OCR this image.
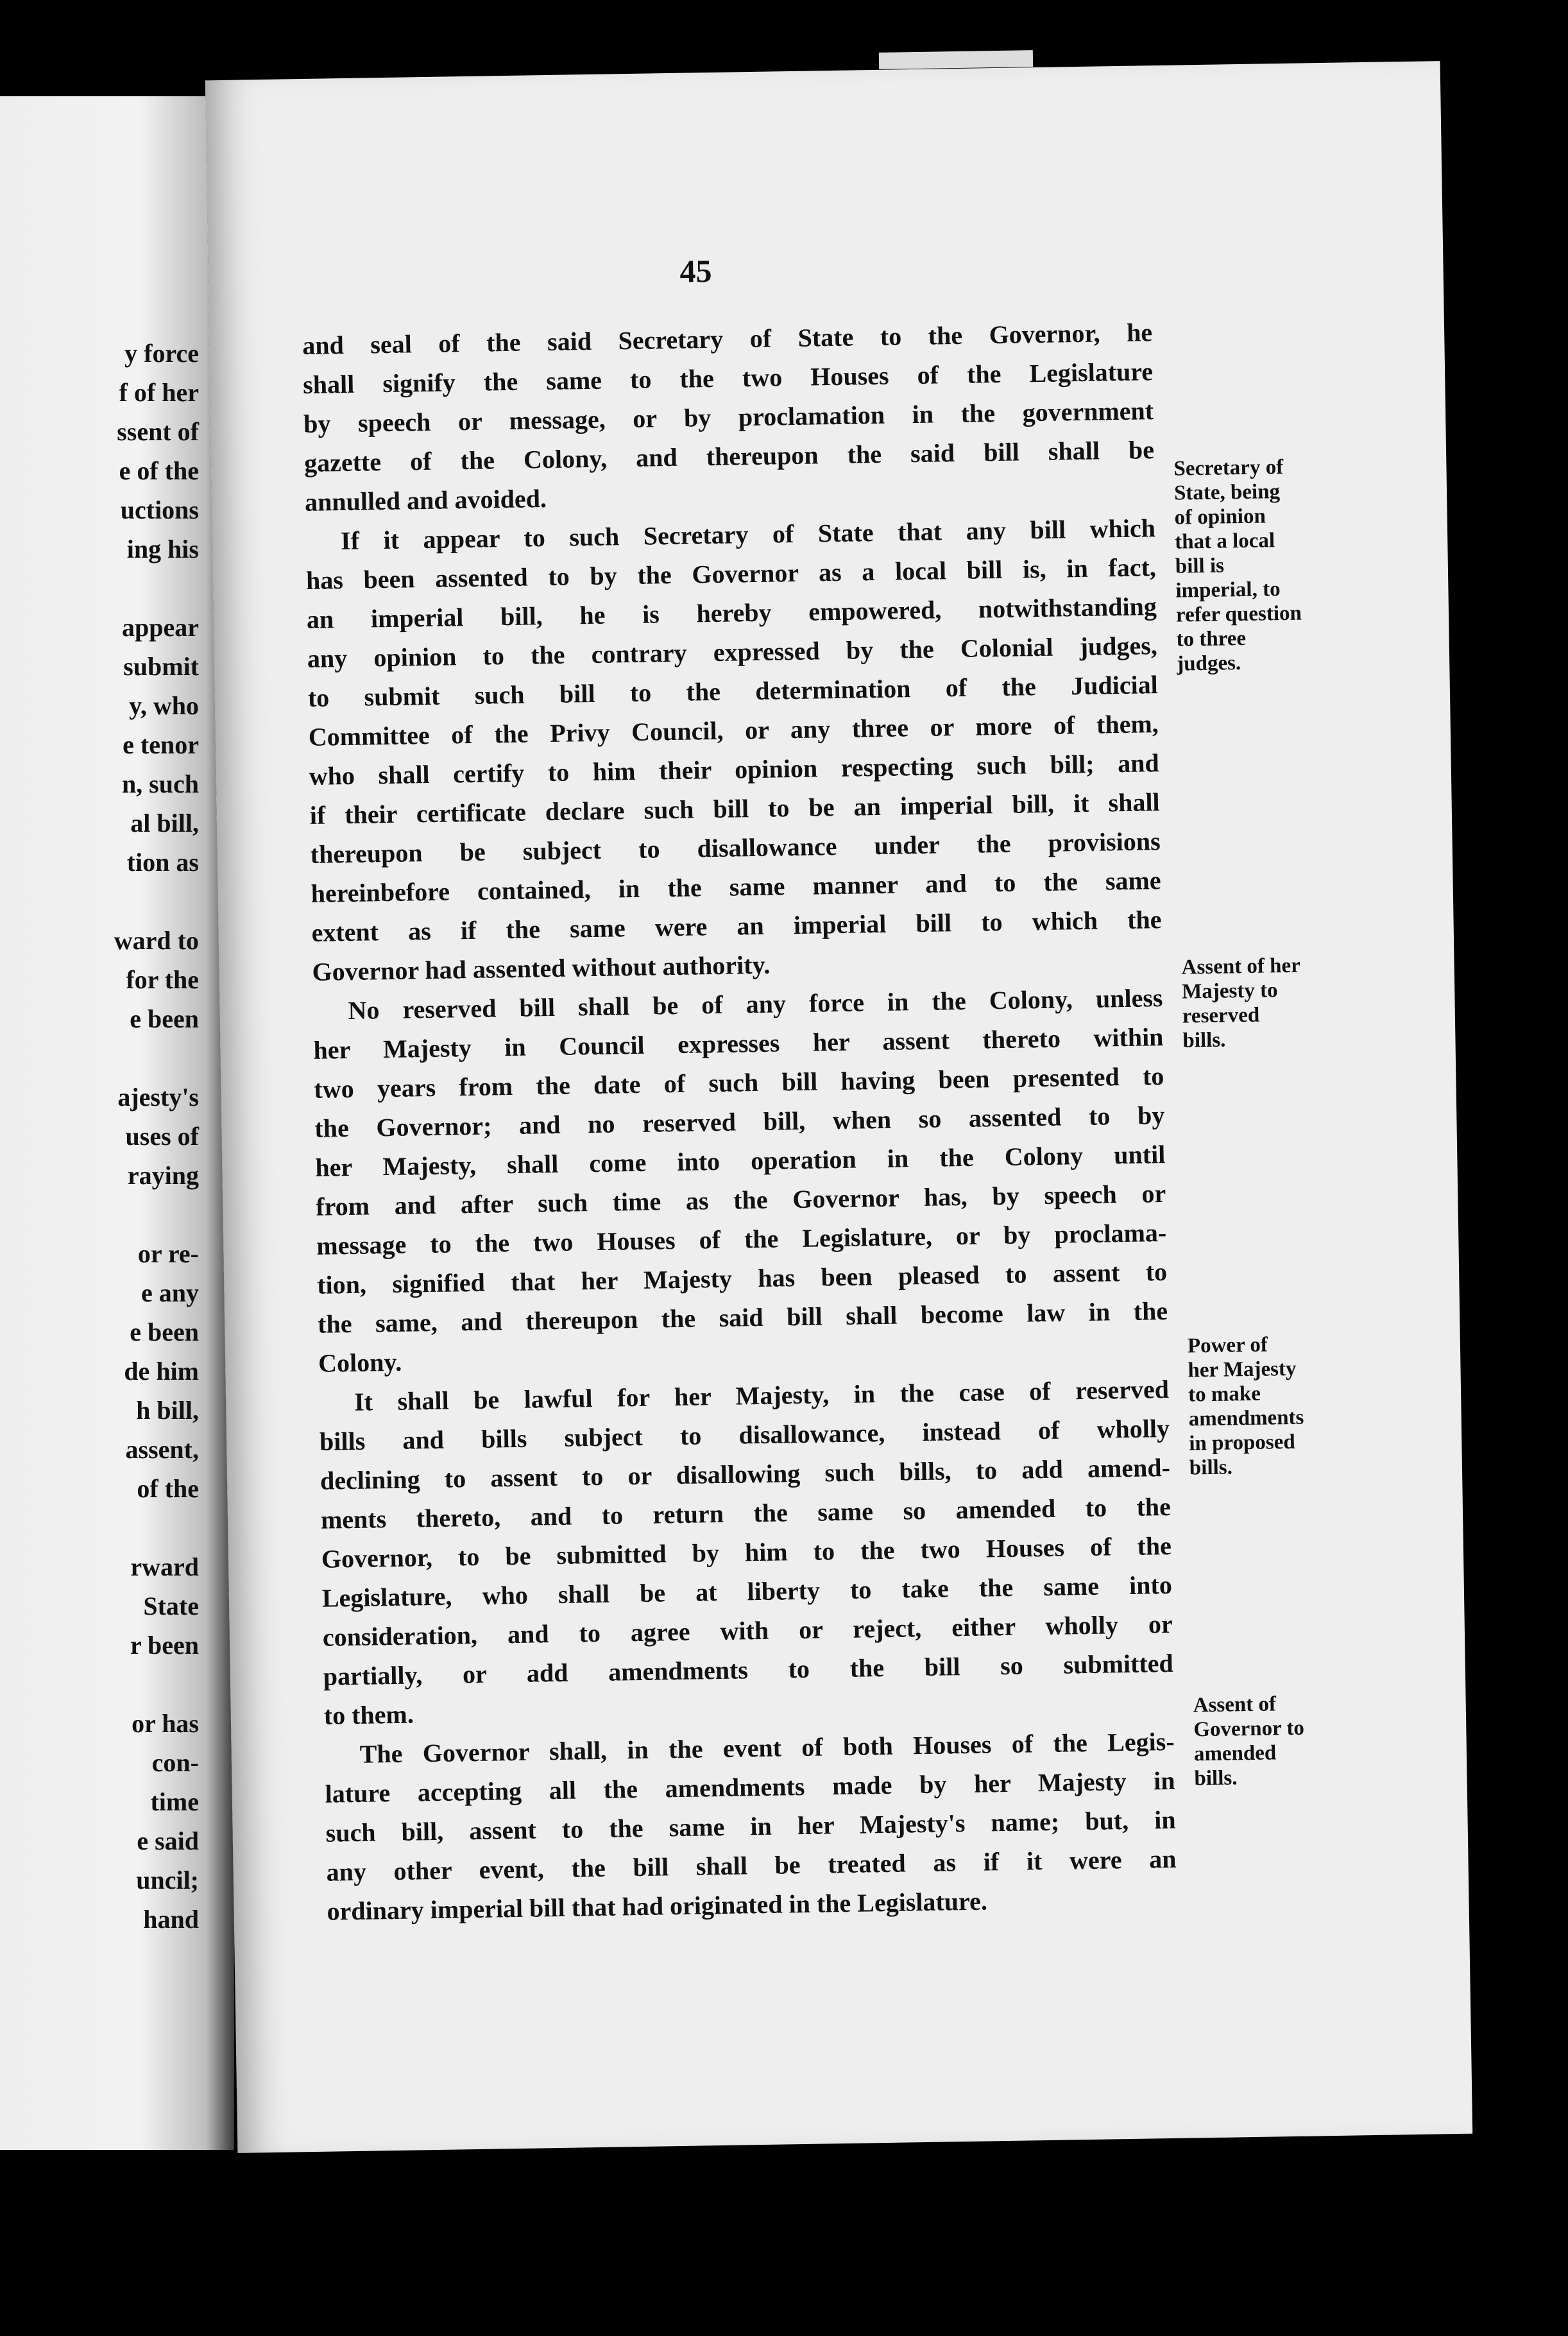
y force
f of her
ssent of
e of the
uctions
ing his
appear
submit
y, who
e tenor
n, such
al bill,
tion as
ward to
for the
e been
ajesty's
uses of
raying
or re-
e any
e been
de him
h bill,
assent,
of the
rward
State
r been
or has
con-
time
e said
uncil;
hand
45
and seal of the said Secretary of State to the Governor, he
shall signify the same to the two Houses of the Legislature
by speech or message, or by proclamation in the government
gazette of the Colony, and thereupon the said bill shall be
annulled and avoided.
If it appear to such Secretary of State that any bill which
has been assented to by the Governor as a local bill is, in fact,
an imperial bill, he is hereby empowered, notwithstanding
any opinion to the contrary expressed by the Colonial judges,
to submit such bill to the determination of the Judicial
Committee of the Privy Council, or any three or more of them,
who shall certify to him their opinion respecting such bill; and
if their certificate declare such bill to be an imperial bill, it shall
thereupon be subject to disallowance under the provisions
hereinbefore contained, in the same manner and to the same
extent as if the same were an imperial bill to which the
Governor had assented without authority.
No reserved bill shall be of any force in the Colony, unless
her Majesty in Council expresses her assent thereto within
two years from the date of such bill having been presented to
the Governor; and no reserved bill, when so assented to by
her Majesty, shall come into operation in the Colony until
from and after such time as the Governor has, by speech or
message to the two Houses of the Legislature, or by proclama-
tion, signified that her Majesty has been pleased to assent to
the same, and thereupon the said bill shall become law in the
Colony.
It shall be lawful for her Majesty, in the case of reserved
bills and bills subject to disallowance, instead of wholly
declining to assent to or disallowing such bills, to add amend-
ments thereto, and to return the same so amended to the
Governor, to be submitted by him to the two Houses of the
Legislature, who shall be at liberty to take the same into
consideration, and to agree with or reject, either wholly or
partially, or add amendments to the bill so submitted
to them.
The Governor shall, in the event of both Houses of the Legis-
lature accepting all the amendments made by her Majesty in
such bill, assent to the same in her Majesty's name; but, in
any other event, the bill shall be treated as if it were an
ordinary imperial bill that had originated in the Legislature.
Secretary of
State, being
of opinion
that a local
bill is
imperial, to
refer question
to three
judges.
Assent of her
Majesty to
reserved
bills.
Power of
her Majesty
to make
amendments
in proposed
bills.
Assent of
Governor to
amended
bills.
